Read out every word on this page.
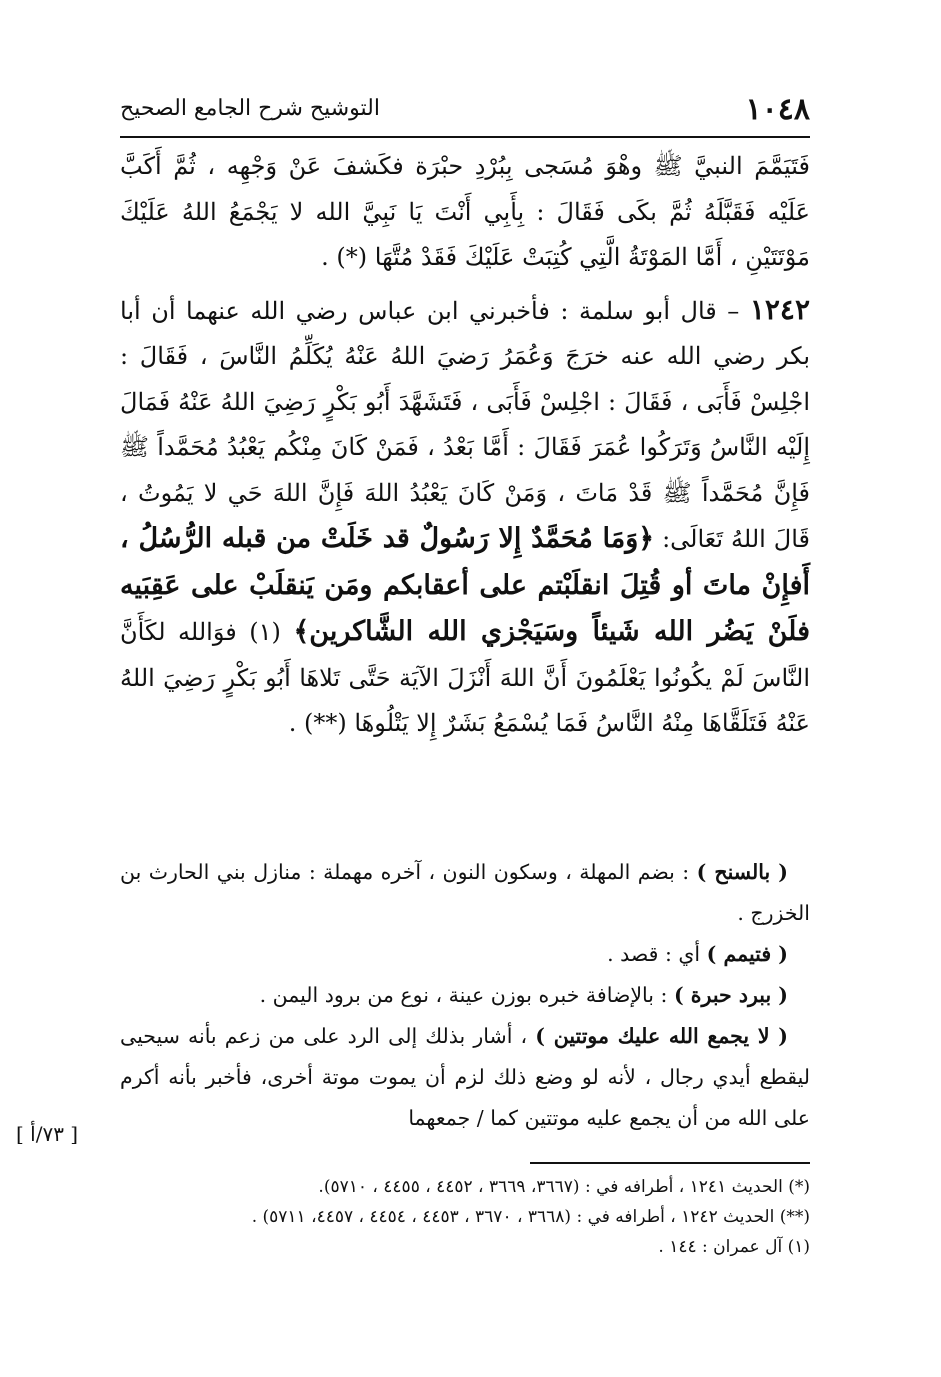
١٠٤٨
التوشيح شرح الجامع الصحيح

فَتَيَمَّمَ النبيَّ ﷺ وهْوَ مُسَجى بِبُرْدِ حبْرَة فكَشفَ عَنْ وَجْهِه ، ثُمَّ أَكَبَّ عَلَيْه فَقَبَّلَهُ ثُمَّ بكَى فَقَالَ : بِأَبِي أَنْتَ يَا نَبِيَّ الله لا يَجْمَعُ اللهُ عَلَيْكَ مَوْتَتَيْنِ ، أَمَّا المَوْتَةُ الَّتِي كُتِبَتْ عَلَيْكَ فَقَدْ مُتَّهَا (*) .

١٢٤٢ – قال أبو سلمة : فأخبرني ابن عباس رضي الله عنهما أن أبا بكر رضي الله عنه خرَجَ وَعُمَرُ رَضيَ اللهُ عَنْهُ يُكَلِّمُ النَّاسَ ، فَقَالَ : اجْلِسْ فَأَبَى ، فَقَالَ : اجْلِسْ فَأَبَى ، فَتَشَهَّدَ أَبُو بَكْرٍ رَضِيَ اللهُ عَنْهُ فَمَالَ إِلَيْه النَّاسُ وَتَرَكُوا عُمَرَ فَقَالَ : أَمَّا بَعْدُ ، فَمَنْ كَانَ مِنْكُم يَعْبُدُ مُحَمَّداً ﷺ فَإِنَّ مُحَمَّداً ﷺ قَدْ مَاتَ ، وَمَنْ كَانَ يَعْبُدُ اللهَ فَإِنَّ اللهَ حَي لا يَمُوتُ ، قَالَ اللهُ تَعَالَى: ﴿وَمَا مُحَمَّدٌ إِلا رَسُولٌ قد خَلَتْ من قبله الرُّسُلُ ، أَفإِنْ ماتَ أو قُتِلَ انقلَبْتم على أعقابكم ومَن يَنقلَبْ على عَقِبَيه فلَنْ يَضُر الله شَيئاً وسَيَجْزي الله الشَّاكرين﴾ (١) فوَالله لكَأَنَّ النَّاسَ لَمْ يكُونُوا يَعْلَمُونَ أَنَّ اللهَ أَنْزَلَ الآيَة حَتَّى تَلاهَا أَبُو بَكْرٍ رَضِيَ اللهُ عَنْهُ فَتَلَقَّاهَا مِنْهُ النَّاسُ فَمَا يُسْمَعُ بَشَرٌ إِلا يَتْلُوهَا (**) .

( بالسنح ) : بضم المهلة ، وسكون النون ، آخره مهملة : منازل بني الحارث بن الخزرج .

( فتيمم ) أي : قصد .

( ببرد حبرة ) : بالإضافة خبره بوزن عينة ، نوع من برود اليمن .

( لا يجمع الله عليك موتتين ) ، أشار بذلك إلى الرد على من زعم بأنه سيحيى ليقطع أيدي رجال ، لأنه لو وضع ذلك لزم أن يموت موتة أخرى، فأخبر بأنه أكرم على الله من أن يجمع عليه موتتين كما / جمعهما

[ ٧٣/أ ]

(*) الحديث ١٢٤١ ، أطرافه في : (٣٦٦٧، ٣٦٦٩ ، ٤٤٥٢ ، ٤٤٥٥ ، ٥٧١٠).

(**) الحديث ١٢٤٢ ، أطرافه في : (٣٦٦٨ ، ٣٦٧٠ ، ٤٤٥٣ ، ٤٤٥٤ ، ٤٤٥٧، ٥٧١١) .

(١) آل عمران : ١٤٤ .
